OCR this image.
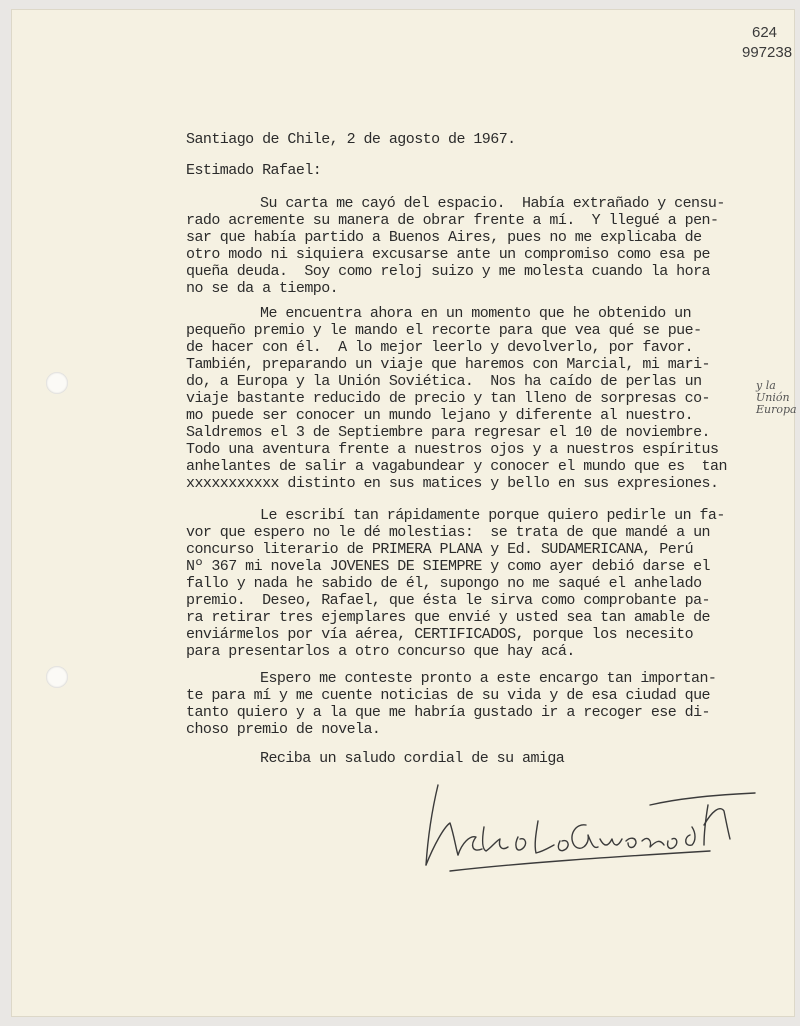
624
997238
Santiago de Chile, 2 de agosto de 1967.
Estimado Rafael:
Su carta me cayó del espacio.  Había extrañado y censu-
rado acremente su manera de obrar frente a mí.  Y llegué a pen-
sar que había partido a Buenos Aires, pues no me explicaba de
otro modo ni siquiera excusarse ante un compromiso como esa pe
queña deuda.  Soy como reloj suizo y me molesta cuando la hora
no se da a tiempo.
Me encuentra ahora en un momento que he obtenido un
pequeño premio y le mando el recorte para que vea qué se pue-
de hacer con él.  A lo mejor leerlo y devolverlo, por favor.
También, preparando un viaje que haremos con Marcial, mi mari-
do, a Europa y la Unión Soviética.  Nos ha caído de perlas un
viaje bastante reducido de precio y tan lleno de sorpresas co-
mo puede ser conocer un mundo lejano y diferente al nuestro.
Saldremos el 3 de Septiembre para regresar el 10 de noviembre.
Todo una aventura frente a nuestros ojos y a nuestros espíritus
anhelantes de salir a vagabundear y conocer el mundo que es  tan
xxxxxxxxxxx distinto en sus matices y bello en sus expresiones.
y la Unión
Europa
Le escribí tan rápidamente porque quiero pedirle un fa-
vor que espero no le dé molestias:  se trata de que mandé a un
concurso literario de PRIMERA PLANA y Ed. SUDAMERICANA, Perú
Nº 367 mi novela JOVENES DE SIEMPRE y como ayer debió darse el
fallo y nada he sabido de él, supongo no me saqué el anhelado
premio.  Deseo, Rafael, que ésta le sirva como comprobante pa-
ra retirar tres ejemplares que envié y usted sea tan amable de
enviármelos por vía aérea, CERTIFICADOS, porque los necesito
para presentarlos a otro concurso que hay acá.
Espero me conteste pronto a este encargo tan importan-
te para mí y me cuente noticias de su vida y de esa ciudad que
tanto quiero y a la que me habría gustado ir a recoger ese di-
choso premio de novela.
Reciba un saludo cordial de su amiga
